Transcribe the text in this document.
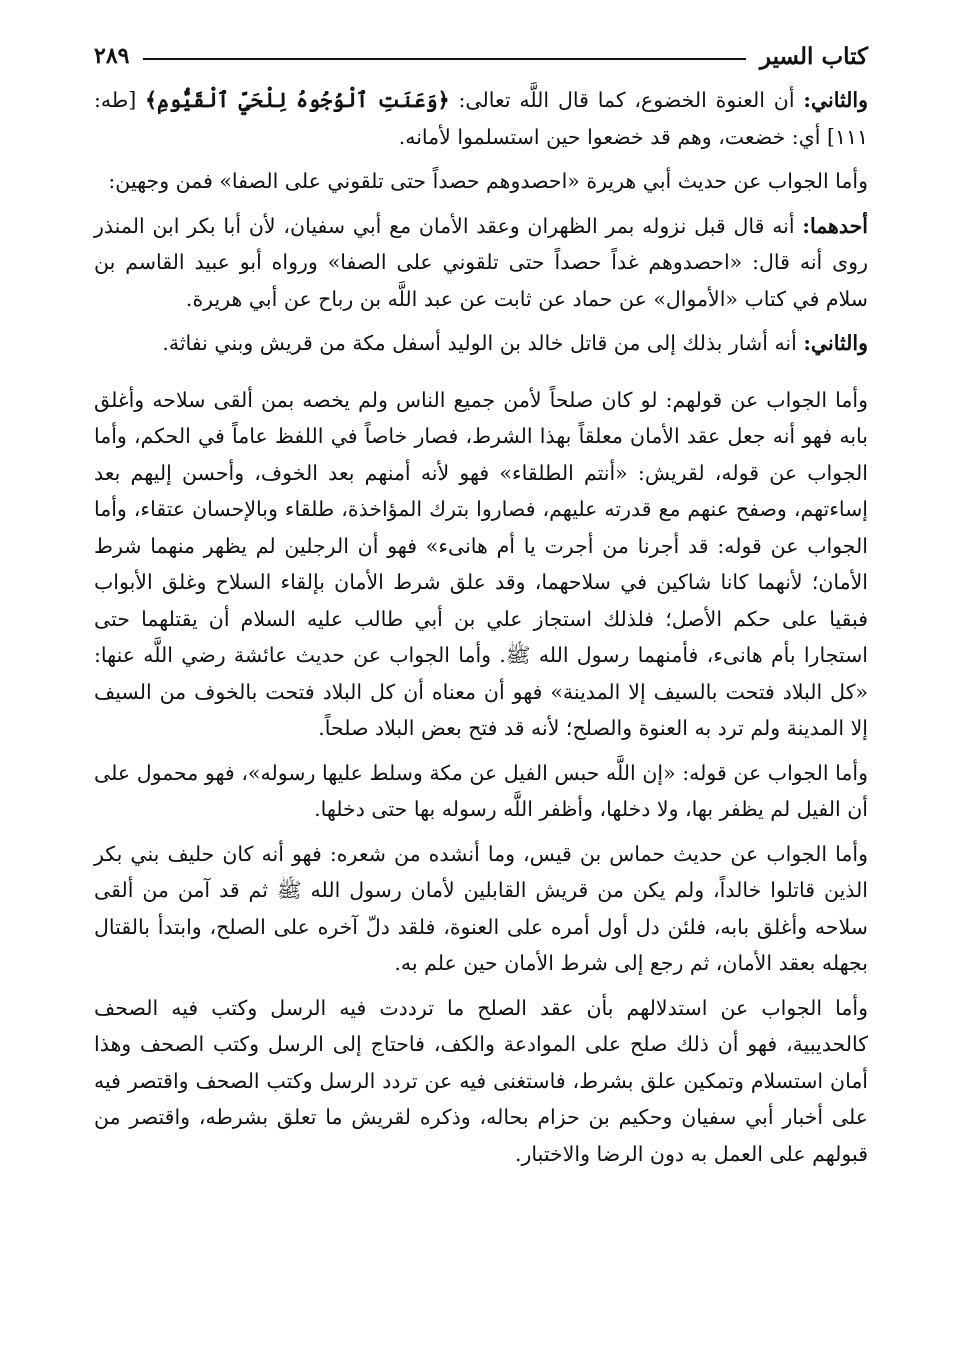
كتاب السير
٢٨٩

والثاني: أن العنوة الخضوع، كما قال اللَّه تعالى: ﴿وَعَنَتِ ٱلْوُجُوهُ لِلْحَيِّ ٱلْقَيُّومِ﴾ [طه: ١١١] أي: خضعت، وهم قد خضعوا حين استسلموا لأمانه.

وأما الجواب عن حديث أبي هريرة «احصدوهم حصداً حتى تلقوني على الصفا» فمن وجهين:

أحدهما: أنه قال قبل نزوله بمر الظهران وعقد الأمان مع أبي سفيان، لأن أبا بكر ابن المنذر روى أنه قال: «احصدوهم غداً حصداً حتى تلقوني على الصفا» ورواه أبو عبيد القاسم بن سلام في كتاب «الأموال» عن حماد عن ثابت عن عبد اللَّه بن رباح عن أبي هريرة.

والثاني: أنه أشار بذلك إلى من قاتل خالد بن الوليد أسفل مكة من قريش وبني نفاثة.

وأما الجواب عن قولهم: لو كان صلحاً لأمن جميع الناس ولم يخصه بمن ألقى سلاحه وأغلق بابه فهو أنه جعل عقد الأمان معلقاً بهذا الشرط، فصار خاصاً في اللفظ عاماً في الحكم، وأما الجواب عن قوله، لقريش: «أنتم الطلقاء» فهو لأنه أمنهم بعد الخوف، وأحسن إليهم بعد إساءتهم، وصفح عنهم مع قدرته عليهم، فصاروا بترك المؤاخذة، طلقاء وبالإحسان عتقاء، وأما الجواب عن قوله: قد أجرنا من أجرت يا أم هانىء» فهو أن الرجلين لم يظهر منهما شرط الأمان؛ لأنهما كانا شاكين في سلاحهما، وقد علق شرط الأمان بإلقاء السلاح وغلق الأبواب فبقيا على حكم الأصل؛ فلذلك استجاز علي بن أبي طالب عليه السلام أن يقتلهما حتى استجارا بأم هانىء، فأمنهما رسول الله ﷺ. وأما الجواب عن حديث عائشة رضي اللَّه عنها: «كل البلاد فتحت بالسيف إلا المدينة» فهو أن معناه أن كل البلاد فتحت بالخوف من السيف إلا المدينة ولم ترد به العنوة والصلح؛ لأنه قد فتح بعض البلاد صلحاً.

وأما الجواب عن قوله: «إن اللَّه حبس الفيل عن مكة وسلط عليها رسوله»، فهو محمول على أن الفيل لم يظفر بها، ولا دخلها، وأظفر اللَّه رسوله بها حتى دخلها.

وأما الجواب عن حديث حماس بن قيس، وما أنشده من شعره: فهو أنه كان حليف بني بكر الذين قاتلوا خالداً، ولم يكن من قريش القابلين لأمان رسول الله ﷺ ثم قد آمن من ألقى سلاحه وأغلق بابه، فلئن دل أول أمره على العنوة، فلقد دلّ آخره على الصلح، وابتدأ بالقتال بجهله بعقد الأمان، ثم رجع إلى شرط الأمان حين علم به.

وأما الجواب عن استدلالهم بأن عقد الصلح ما ترددت فيه الرسل وكتب فيه الصحف كالحديبية، فهو أن ذلك صلح على الموادعة والكف، فاحتاج إلى الرسل وكتب الصحف وهذا أمان استسلام وتمكين علق بشرط، فاستغنى فيه عن تردد الرسل وكتب الصحف واقتصر فيه على أخبار أبي سفيان وحكيم بن حزام بحاله، وذكره لقريش ما تعلق بشرطه، واقتصر من قبولهم على العمل به دون الرضا والاختبار.
